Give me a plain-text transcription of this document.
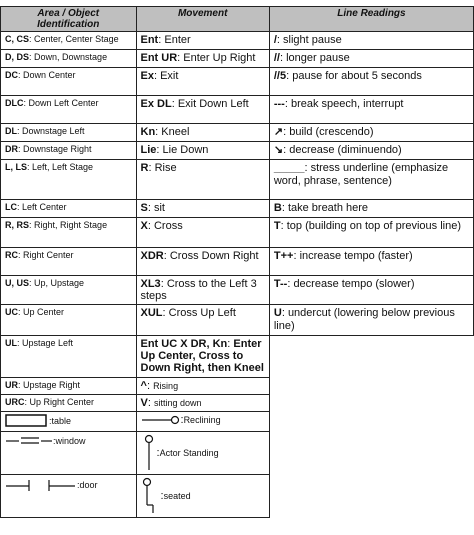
Area / Object Identification	Movement	Line Readings
C, CS: Center, Center Stage	Ent: Enter	/: slight pause
D, DS: Down, Downstage	Ent UR: Enter Up Right	//: longer pause
DC: Down Center	Ex: Exit	//5: pause for about 5 seconds
DLC: Down Left Center	Ex DL: Exit Down Left	---: break speech, interrupt
DL: Downstage Left	Kn: Kneel	↗: build (crescendo)
DR: Downstage Right	Lie: Lie Down	↘: decrease (diminuendo)
L, LS: Left, Left Stage	R: Rise	_____: stress underline (emphasize word, phrase, sentence)
LC: Left Center	S: sit	B: take breath here
R, RS: Right, Right Stage	X: Cross	T: top (building on top of previous line)
RC: Right Center	XDR: Cross Down Right	T++: increase tempo (faster)
U, US: Up, Upstage	XL3: Cross to the Left 3 steps	T--: decrease tempo (slower)
UC: Up Center	XUL: Cross Up Left	U: undercut (lowering below previous line)
UL: Upstage Left	Ent UC X DR, Kn: Enter Up Center, Cross to Down Right, then Kneel	
UR: Upstage Right	^: Rising	
URC: Up Right Center	V: sitting down	

: table	: Reclining	

: window	: Actor Standing	

: door	: seated	
